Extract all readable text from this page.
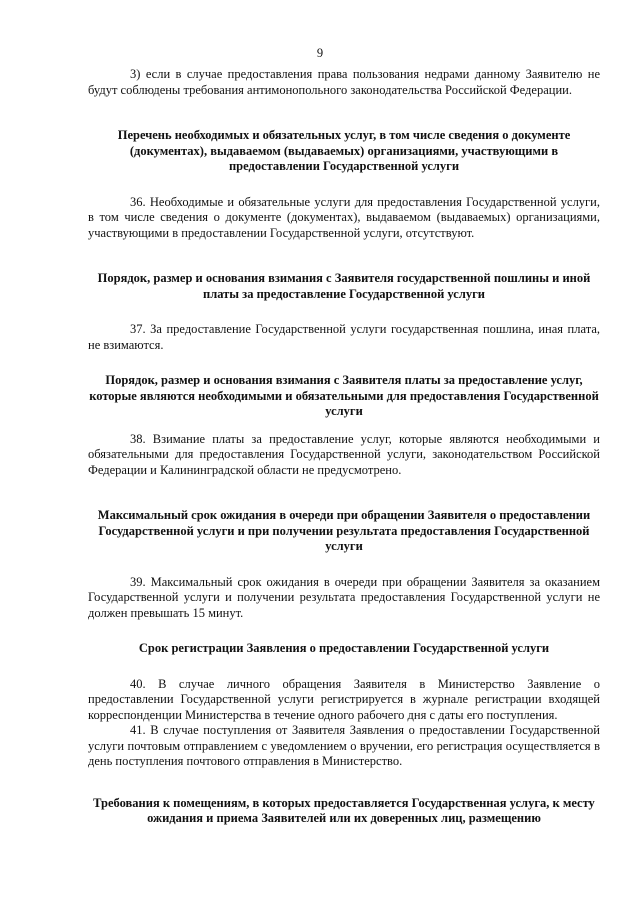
9

3) если в случае предоставления права пользования недрами данному Заявителю не будут соблюдены требования антимонопольного законодательства Российской Федерации.

Перечень необходимых и обязательных услуг, в том числе сведения о документе (документах), выдаваемом (выдаваемых) организациями, участвующими в предоставлении Государственной услуги

36. Необходимые и обязательные услуги для предоставления Государственной услуги, в том числе сведения о документе (документах), выдаваемом (выдаваемых) организациями, участвующими в предоставлении Государственной услуги, отсутствуют.

Порядок, размер и основания взимания с Заявителя государственной пошлины и иной платы за предоставление Государственной услуги

37. За предоставление Государственной услуги государственная пошлина, иная плата, не взимаются.

Порядок, размер и основания взимания с Заявителя платы за предоставление услуг, которые являются необходимыми и обязательными для предоставления Государственной услуги

38. Взимание платы за предоставление услуг, которые являются необходимыми и обязательными для предоставления Государственной услуги, законодательством Российской Федерации и Калининградской области не предусмотрено.

Максимальный срок ожидания в очереди при обращении Заявителя о предоставлении Государственной услуги и при получении результата предоставления Государственной услуги

39. Максимальный срок ожидания в очереди при обращении Заявителя за оказанием Государственной услуги и получении результата предоставления Государственной услуги не должен превышать 15 минут.

Срок регистрации Заявления о предоставлении Государственной услуги

40. В случае личного обращения Заявителя в Министерство Заявление о предоставлении Государственной услуги регистрируется в журнале регистрации входящей корреспонденции Министерства в течение одного рабочего дня с даты его поступления.

41. В случае поступления от Заявителя Заявления о предоставлении Государственной услуги почтовым отправлением с уведомлением о вручении, его регистрация осуществляется в день поступления почтового отправления в Министерство.

Требования к помещениям, в которых предоставляется Государственная услуга, к месту ожидания и приема Заявителей или их доверенных лиц, размещению
